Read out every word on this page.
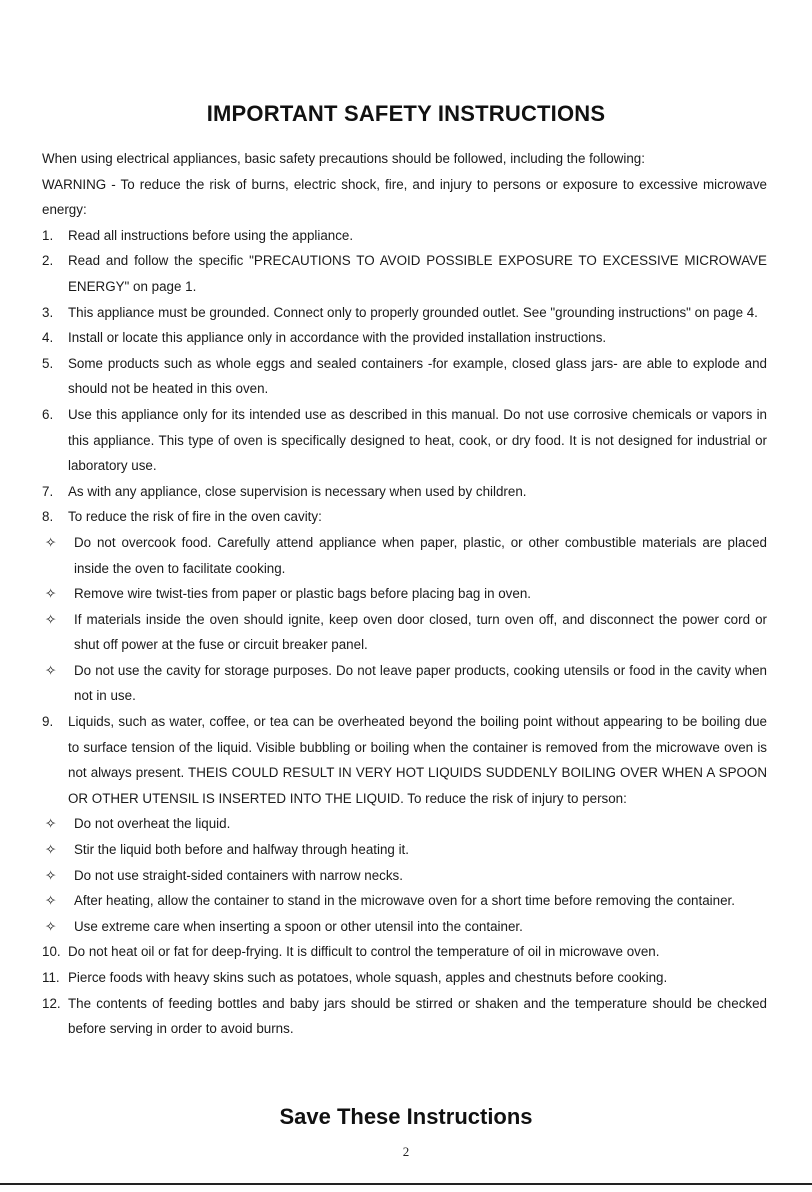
IMPORTANT SAFETY INSTRUCTIONS
When using electrical appliances, basic safety precautions should be followed, including the following:
WARNING - To reduce the risk of burns, electric shock, fire, and injury to persons or exposure to excessive microwave energy:
1.	Read all instructions before using the appliance.
2.	Read and follow the specific "PRECAUTIONS TO AVOID POSSIBLE EXPOSURE TO EXCESSIVE MICROWAVE ENERGY" on page 1.
3.	This appliance must be grounded. Connect only to properly grounded outlet. See "grounding instructions" on page 4.
4.	Install or locate this appliance only in accordance with the provided installation instructions.
5.	Some products such as whole eggs and sealed containers -for example, closed glass jars- are able to explode and should not be heated in this oven.
6.	Use this appliance only for its intended use as described in this manual. Do not use corrosive chemicals or vapors in this appliance. This type of oven is specifically designed to heat, cook, or dry food. It is not designed for industrial or laboratory use.
7.	As with any appliance, close supervision is necessary when used by children.
8.	To reduce the risk of fire in the oven cavity:
✧	Do not overcook food. Carefully attend appliance when paper, plastic, or other combustible materials are placed inside the oven to facilitate cooking.
✧	Remove wire twist-ties from paper or plastic bags before placing bag in oven.
✧	If materials inside the oven should ignite, keep oven door closed, turn oven off, and disconnect the power cord or shut off power at the fuse or circuit breaker panel.
✧	Do not use the cavity for storage purposes. Do not leave paper products, cooking utensils or food in the cavity when not in use.
9.	Liquids, such as water, coffee, or tea can be overheated beyond the boiling point without appearing to be boiling due to surface tension of the liquid. Visible bubbling or boiling when the container is removed from the microwave oven is not always present. THEIS COULD RESULT IN VERY HOT LIQUIDS SUDDENLY BOILING OVER WHEN A SPOON OR OTHER UTENSIL IS INSERTED INTO THE LIQUID. To reduce the risk of injury to person:
✧	Do not overheat the liquid.
✧	Stir the liquid both before and halfway through heating it.
✧	Do not use straight-sided containers with narrow necks.
✧	After heating, allow the container to stand in the microwave oven for a short time before removing the container.
✧	Use extreme care when inserting a spoon or other utensil into the container.
10. Do not heat oil or fat for deep-frying. It is difficult to control the temperature of oil in microwave oven.
11. Pierce foods with heavy skins such as potatoes, whole squash, apples and chestnuts before cooking.
12. The contents of feeding bottles and baby jars should be stirred or shaken and the temperature should be checked before serving in order to avoid burns.
Save These Instructions
2
